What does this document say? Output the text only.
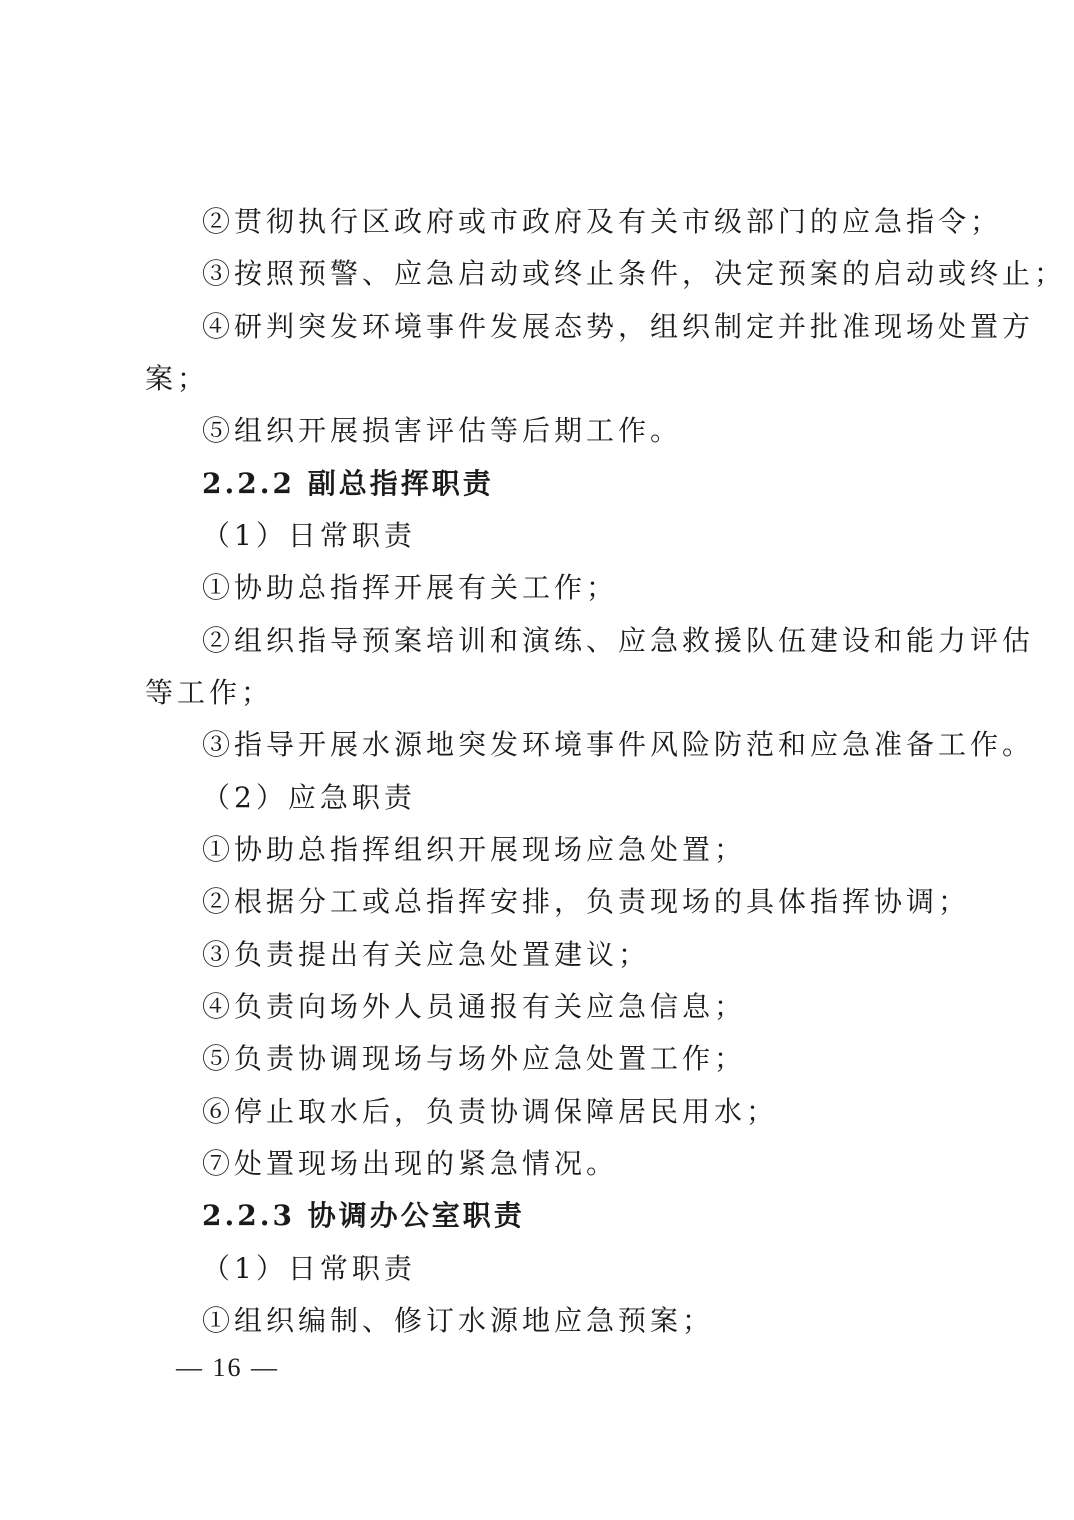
②贯彻执行区政府或市政府及有关市级部门的应急指令；
③按照预警、应急启动或终止条件，决定预案的启动或终止；
④研判突发环境事件发展态势，组织制定并批准现场处置方
案；
⑤组织开展损害评估等后期工作。
2.2.2 副总指挥职责
（1）日常职责
①协助总指挥开展有关工作；
②组织指导预案培训和演练、应急救援队伍建设和能力评估
等工作；
③指导开展水源地突发环境事件风险防范和应急准备工作。
（2）应急职责
①协助总指挥组织开展现场应急处置；
②根据分工或总指挥安排，负责现场的具体指挥协调；
③负责提出有关应急处置建议；
④负责向场外人员通报有关应急信息；
⑤负责协调现场与场外应急处置工作；
⑥停止取水后，负责协调保障居民用水；
⑦处置现场出现的紧急情况。
2.2.3 协调办公室职责
（1）日常职责
①组织编制、修订水源地应急预案；
— 16 —
